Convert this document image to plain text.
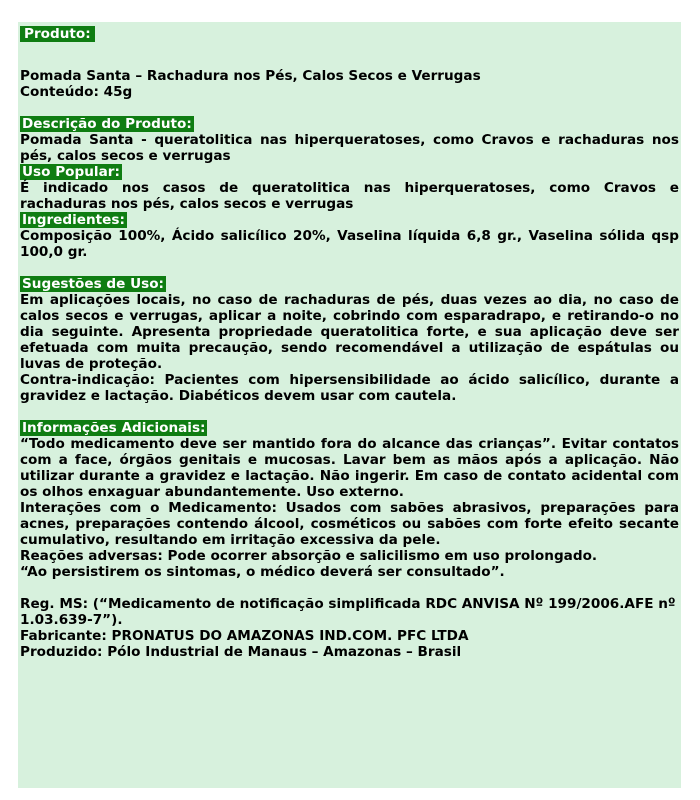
Produto:

Pomada Santa – Rachadura nos Pés, Calos Secos e Verrugas

Conteúdo: 45g

Descrição do Produto:

Pomada Santa - queratolitica nas hiperqueratoses, como Cravos e rachaduras nos pés, calos secos e verrugas

Uso Popular:

É indicado nos casos de queratolitica nas hiperqueratoses, como Cravos e rachaduras nos pés, calos secos e verrugas

Ingredientes:

Composição 100%, Ácido salicílico 20%, Vaselina líquida 6,8 gr., Vaselina sólida qsp 100,0 gr.

Sugestões de Uso:

Em aplicações locais, no caso de rachaduras de pés, duas vezes ao dia, no caso de calos secos e verrugas, aplicar a noite, cobrindo com esparadrapo, e retirando-o no dia seguinte. Apresenta propriedade queratolitica forte, e sua aplicação deve ser efetuada com muita precaução, sendo recomendável a utilização de espátulas ou luvas de proteção.

Contra-indicação: Pacientes com hipersensibilidade ao ácido salicílico, durante a gravidez e lactação. Diabéticos devem usar com cautela.

Informações Adicionais:

“Todo medicamento deve ser mantido fora do alcance das crianças”. Evitar contatos com a face, órgãos genitais e mucosas. Lavar bem as mãos após a aplicação. Não utilizar durante a gravidez e lactação. Não ingerir. Em caso de contato acidental com os olhos enxaguar abundantemente. Uso externo.

Interações com o Medicamento: Usados com sabões abrasivos, preparações para acnes, preparações contendo álcool, cosméticos ou sabões com forte efeito secante cumulativo, resultando em irritação excessiva da pele.

Reações adversas: Pode ocorrer absorção e salicilismo em uso prolongado.

“Ao persistirem os sintomas, o médico deverá ser consultado”.

Reg. MS: (“Medicamento de notificação simplificada RDC ANVISA Nº 199/2006.AFE nº 1.03.639-7”).

Fabricante: PRONATUS DO AMAZONAS IND.COM. PFC LTDA

Produzido: Pólo Industrial de Manaus – Amazonas – Brasil
